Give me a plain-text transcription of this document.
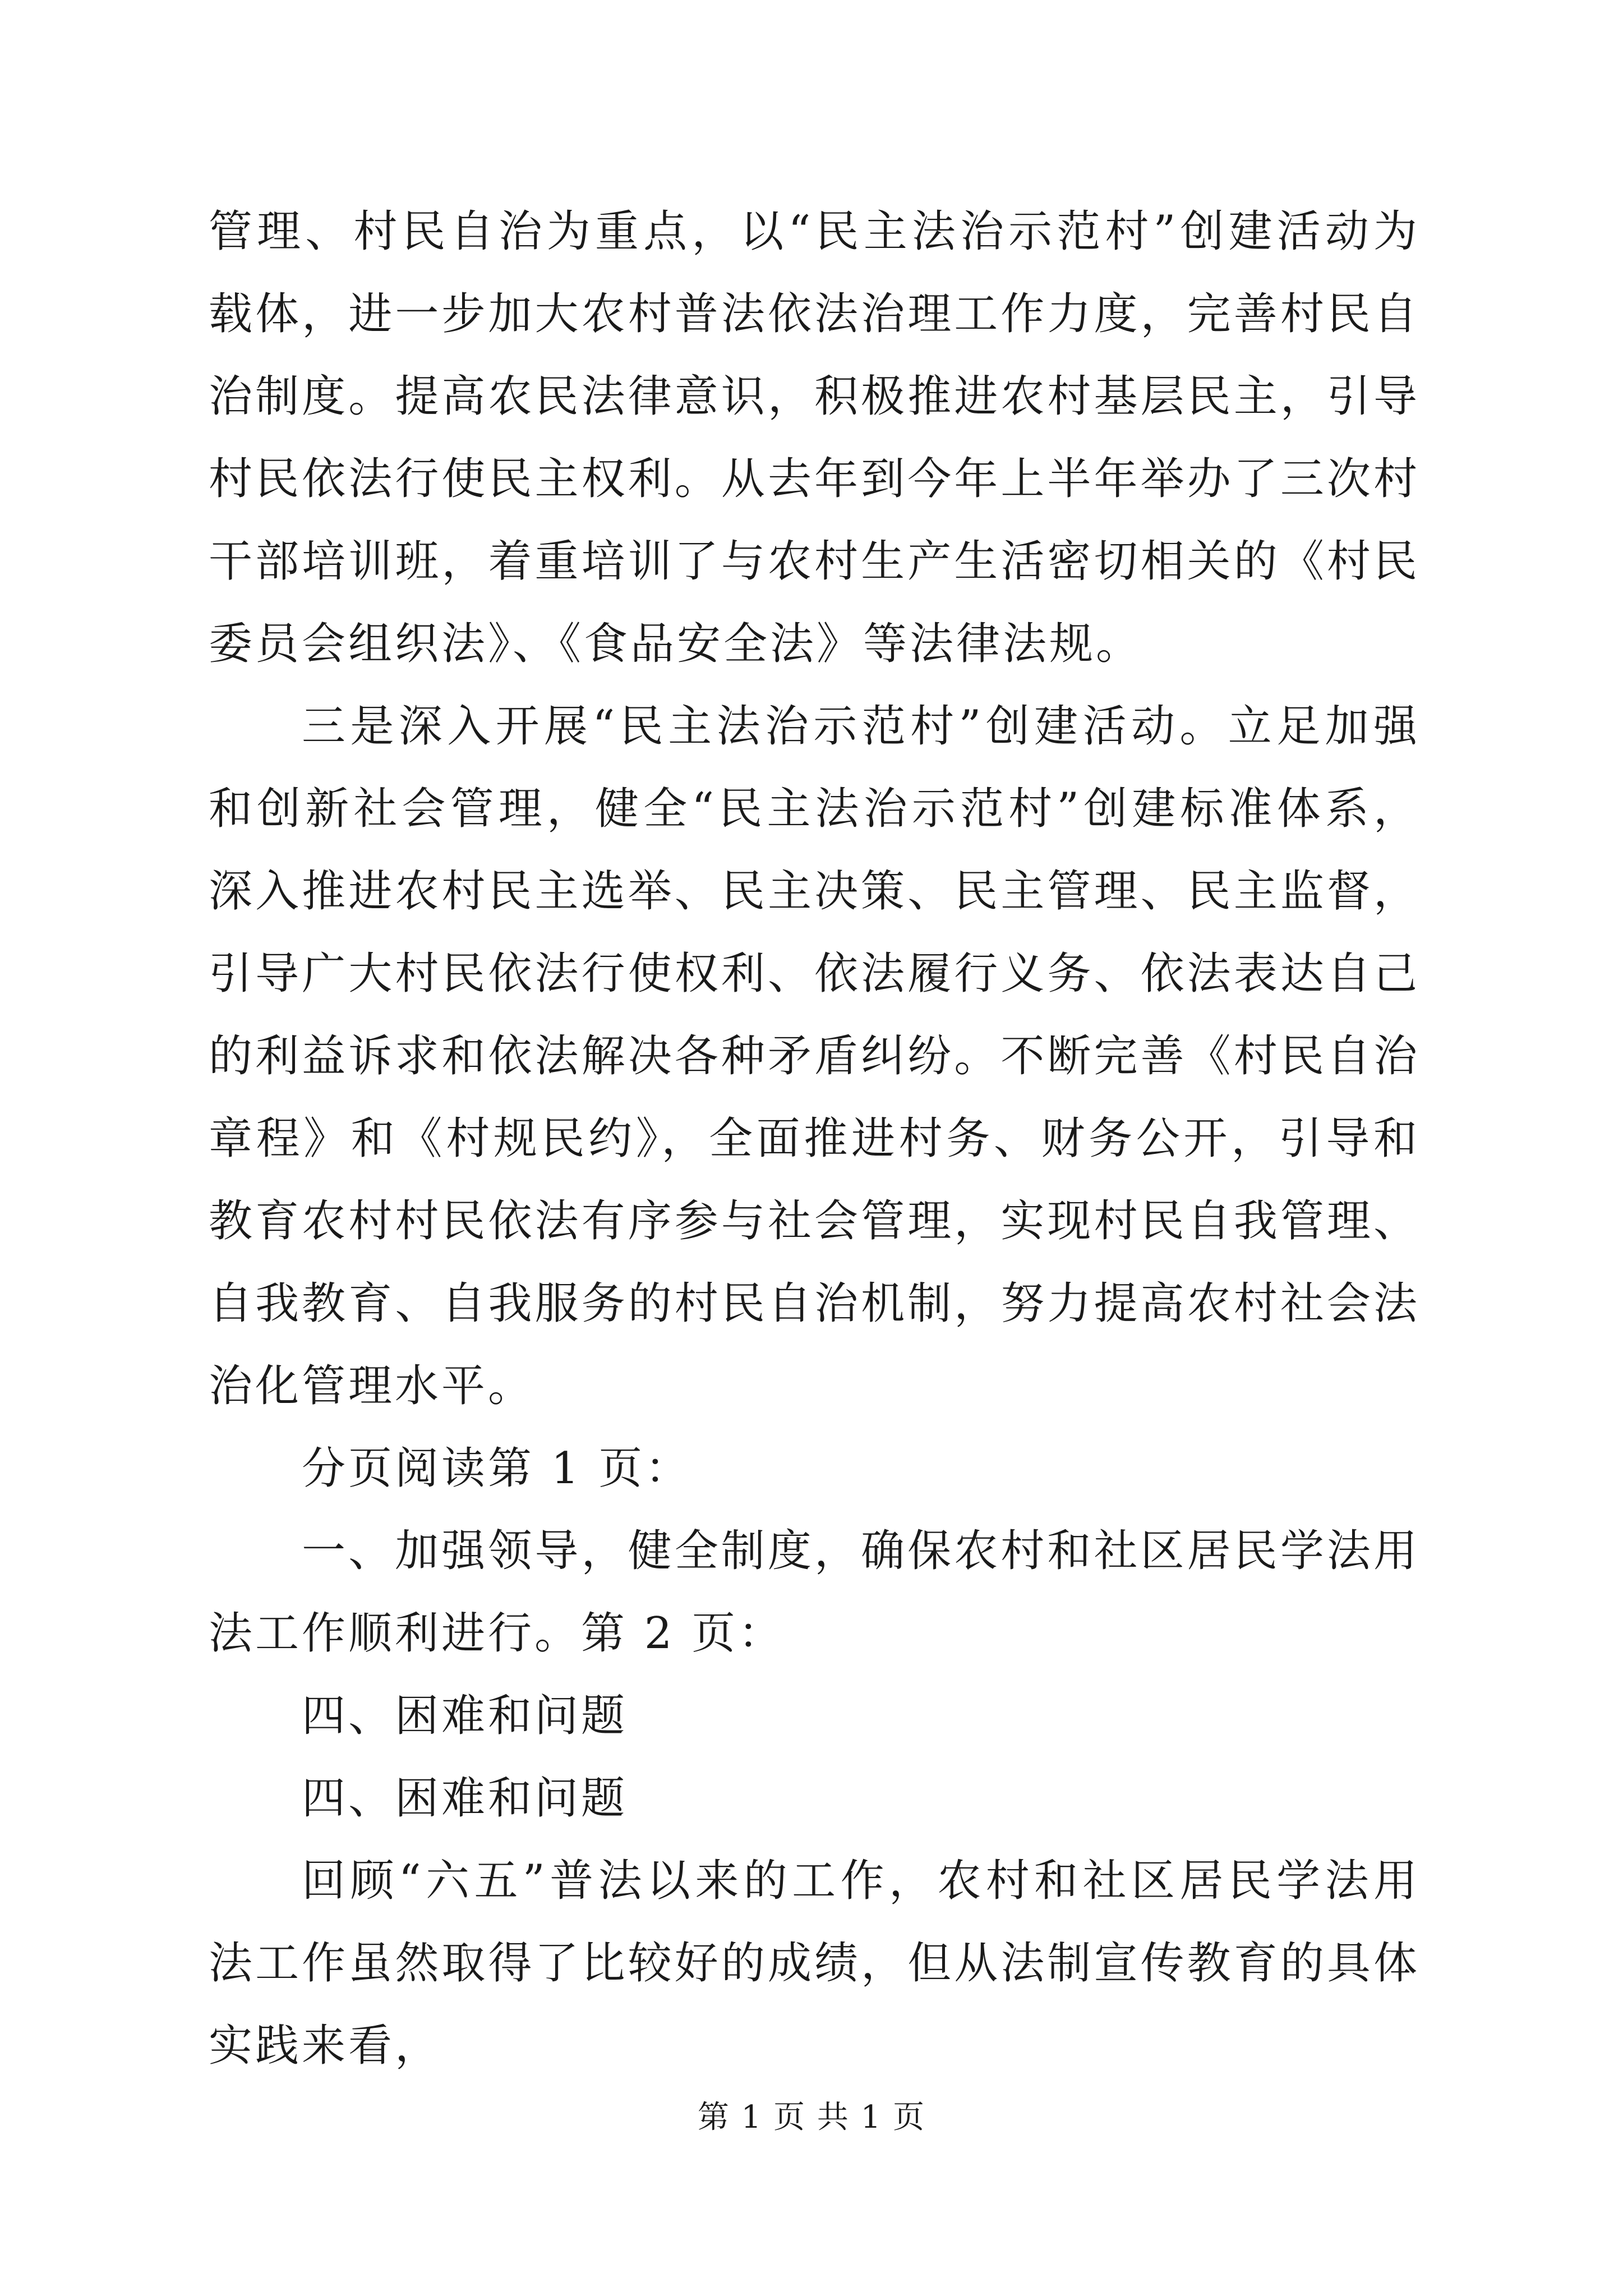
管理、村民自治为重点，以“民主法治示范村”创建活动为载体，进一步加大农村普法依法治理工作力度，完善村民自治制度。提高农民法律意识，积极推进农村基层民主，引导村民依法行使民主权利。从去年到今年上半年举办了三次村干部培训班，着重培训了与农村生产生活密切相关的《村民委员会组织法》、《食品安全法》等法律法规。

三是深入开展“民主法治示范村”创建活动。立足加强和创新社会管理，健全“民主法治示范村”创建标准体系，深入推进农村民主选举、民主决策、民主管理、民主监督，引导广大村民依法行使权利、依法履行义务、依法表达自己的利益诉求和依法解决各种矛盾纠纷。不断完善《村民自治章程》和《村规民约》，全面推进村务、财务公开，引导和教育农村村民依法有序参与社会管理，实现村民自我管理、自我教育、自我服务的村民自治机制，努力提高农村社会法治化管理水平。

分页阅读第 1 页：

一、加强领导，健全制度，确保农村和社区居民学法用法工作顺利进行。第 2 页：

四、困难和问题

四、困难和问题

回顾“六五”普法以来的工作，农村和社区居民学法用法工作虽然取得了比较好的成绩，但从法制宣传教育的具体实践来看，

第 1 页 共 1 页
